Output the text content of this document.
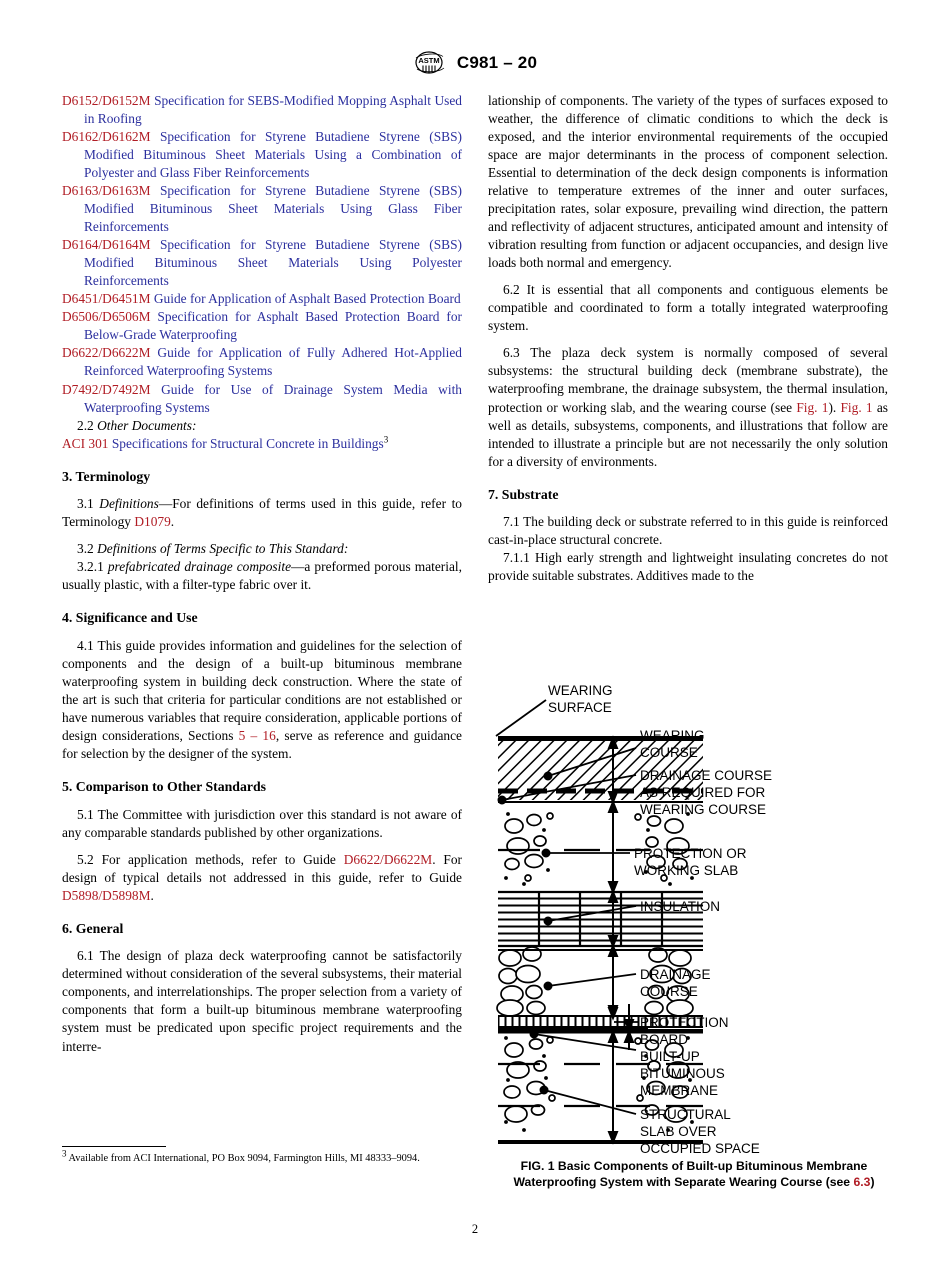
ASTM C981 – 20

D6152/D6152M Specification for SEBS-Modified Mopping Asphalt Used in Roofing

D6162/D6162M Specification for Styrene Butadiene Styrene (SBS) Modified Bituminous Sheet Materials Using a Combination of Polyester and Glass Fiber Reinforcements

D6163/D6163M Specification for Styrene Butadiene Styrene (SBS) Modified Bituminous Sheet Materials Using Glass Fiber Reinforcements

D6164/D6164M Specification for Styrene Butadiene Styrene (SBS) Modified Bituminous Sheet Materials Using Polyester Reinforcements

D6451/D6451M Guide for Application of Asphalt Based Protection Board

D6506/D6506M Specification for Asphalt Based Protection Board for Below-Grade Waterproofing

D6622/D6622M Guide for Application of Fully Adhered Hot-Applied Reinforced Waterproofing Systems

D7492/D7492M Guide for Use of Drainage System Media with Waterproofing Systems

2.2 Other Documents:

ACI 301 Specifications for Structural Concrete in Buildings$^3$

3. Terminology

3.1 Definitions—For definitions of terms used in this guide, refer to Terminology D1079.

3.2 Definitions of Terms Specific to This Standard:

3.2.1 prefabricated drainage composite—a preformed porous material, usually plastic, with a filter-type fabric over it.

4. Significance and Use

4.1 This guide provides information and guidelines for the selection of components and the design of a built-up bituminous membrane waterproofing system in building deck construction. Where the state of the art is such that criteria for particular conditions are not established or have numerous variables that require consideration, applicable portions of design considerations, Sections 5 – 16, serve as reference and guidance for selection by the designer of the system.

5. Comparison to Other Standards

5.1 The Committee with jurisdiction over this standard is not aware of any comparable standards published by other organizations.

5.2 For application methods, refer to Guide D6622/D6622M. For design of typical details not addressed in this guide, refer to Guide D5898/D5898M.

6. General

6.1 The design of plaza deck waterproofing cannot be satisfactorily determined without consideration of the several subsystems, their material components, and interrelationships. The proper selection from a variety of components that form a built-up bituminous membrane waterproofing system must be predicated upon specific project requirements and the interre-

$^3$ Available from ACI International, PO Box 9094, Farmington Hills, MI 48333–9094.

lationship of components. The variety of the types of surfaces exposed to weather, the difference of climatic conditions to which the deck is exposed, and the interior environmental requirements of the occupied space are major determinants in the process of component selection. Essential to determination of the deck design components is information relative to temperature extremes of the inner and outer surfaces, precipitation rates, solar exposure, prevailing wind direction, the pattern and reflectivity of adjacent structures, anticipated amount and intensity of vibration resulting from function or adjacent occupancies, and design live loads both normal and emergency.

6.2 It is essential that all components and contiguous elements be compatible and coordinated to form a totally integrated waterproofing system.

6.3 The plaza deck system is normally composed of several subsystems: the structural building deck (membrane substrate), the waterproofing membrane, the drainage subsystem, the thermal insulation, protection or working slab, and the wearing course (see Fig. 1). Fig. 1 as well as details, subsystems, components, and illustrations that follow are intended to illustrate a principle but are not necessarily the only solution for a diversity of environments.

7. Substrate

7.1 The building deck or substrate referred to in this guide is reinforced cast-in-place structural concrete.

7.1.1 High early strength and lightweight insulating concretes do not provide suitable substrates. Additives made to the

WEARING
SURFACE
WEARING
COURSE
DRAINAGE COURSE
AS REQUIRED FOR
WEARING COURSE
PROTECTION OR
WORKING SLAB
INSULATION
DRAINAGE
COURSE
PROTECTION
BOARD
BUILT-UP
BITUMINOUS
MEMBRANE
STRUCTURAL
SLAB OVER
OCCUPIED SPACE
FIG. 1 Basic Components of Built-up Bituminous Membrane
Waterproofing System with Separate Wearing Course (see 6.3)
2
